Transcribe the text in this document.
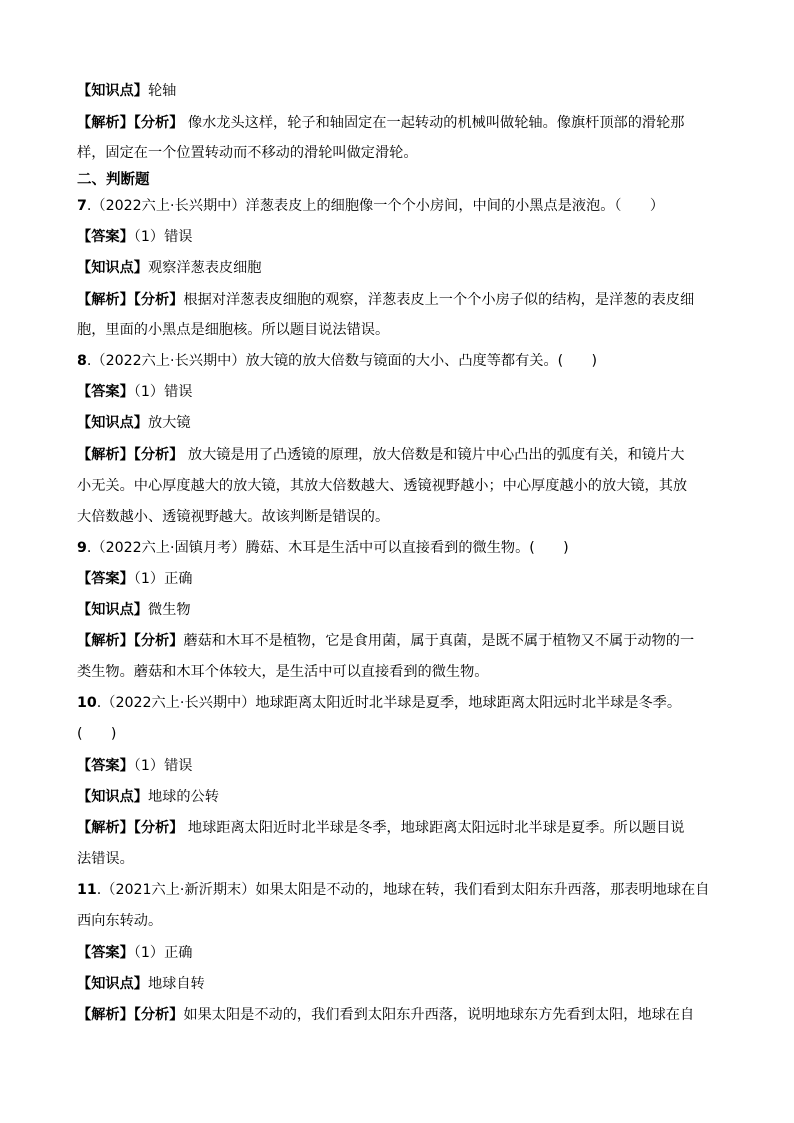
【知识点】轮轴
【解析】【分析】 像水龙头这样，轮子和轴固定在一起转动的机械叫做轮轴。像旗杆顶部的滑轮那
样，固定在一个位置转动而不移动的滑轮叫做定滑轮。
二、判断题
7.（2022六上·长兴期中）洋葱表皮上的细胞像一个个小房间，中间的小黑点是液泡。（　　）
【答案】（1）错误
【知识点】观察洋葱表皮细胞
【解析】【分析】根据对洋葱表皮细胞的观察，洋葱表皮上一个个小房子似的结构，是洋葱的表皮细
胞，里面的小黑点是细胞核。所以题目说法错误。
8.（2022六上·长兴期中）放大镜的放大倍数与镜面的大小、凸度等都有关。(　　)
【答案】（1）错误
【知识点】放大镜
【解析】【分析】 放大镜是用了凸透镜的原理，放大倍数是和镜片中心凸出的弧度有关，和镜片大
小无关。中心厚度越大的放大镜，其放大倍数越大、透镜视野越小；中心厚度越小的放大镜，其放
大倍数越小、透镜视野越大。故该判断是错误的。
9.（2022六上·固镇月考）腾菇、木耳是生活中可以直接看到的微生物。(　　)
【答案】（1）正确
【知识点】微生物
【解析】【分析】蘑菇和木耳不是植物，它是食用菌，属于真菌，是既不属于植物又不属于动物的一
类生物。蘑菇和木耳个体较大，是生活中可以直接看到的微生物。
10.（2022六上·长兴期中）地球距离太阳近时北半球是夏季，地球距离太阳远时北半球是冬季。
(　　)
【答案】（1）错误
【知识点】地球的公转
【解析】【分析】 地球距离太阳近时北半球是冬季，地球距离太阳远时北半球是夏季。所以题目说
法错误。
11.（2021六上·新沂期末）如果太阳是不动的，地球在转，我们看到太阳东升西落，那表明地球在自
西向东转动。
【答案】（1）正确
【知识点】地球自转
【解析】【分析】如果太阳是不动的，我们看到太阳东升西落，说明地球东方先看到太阳，地球在自
